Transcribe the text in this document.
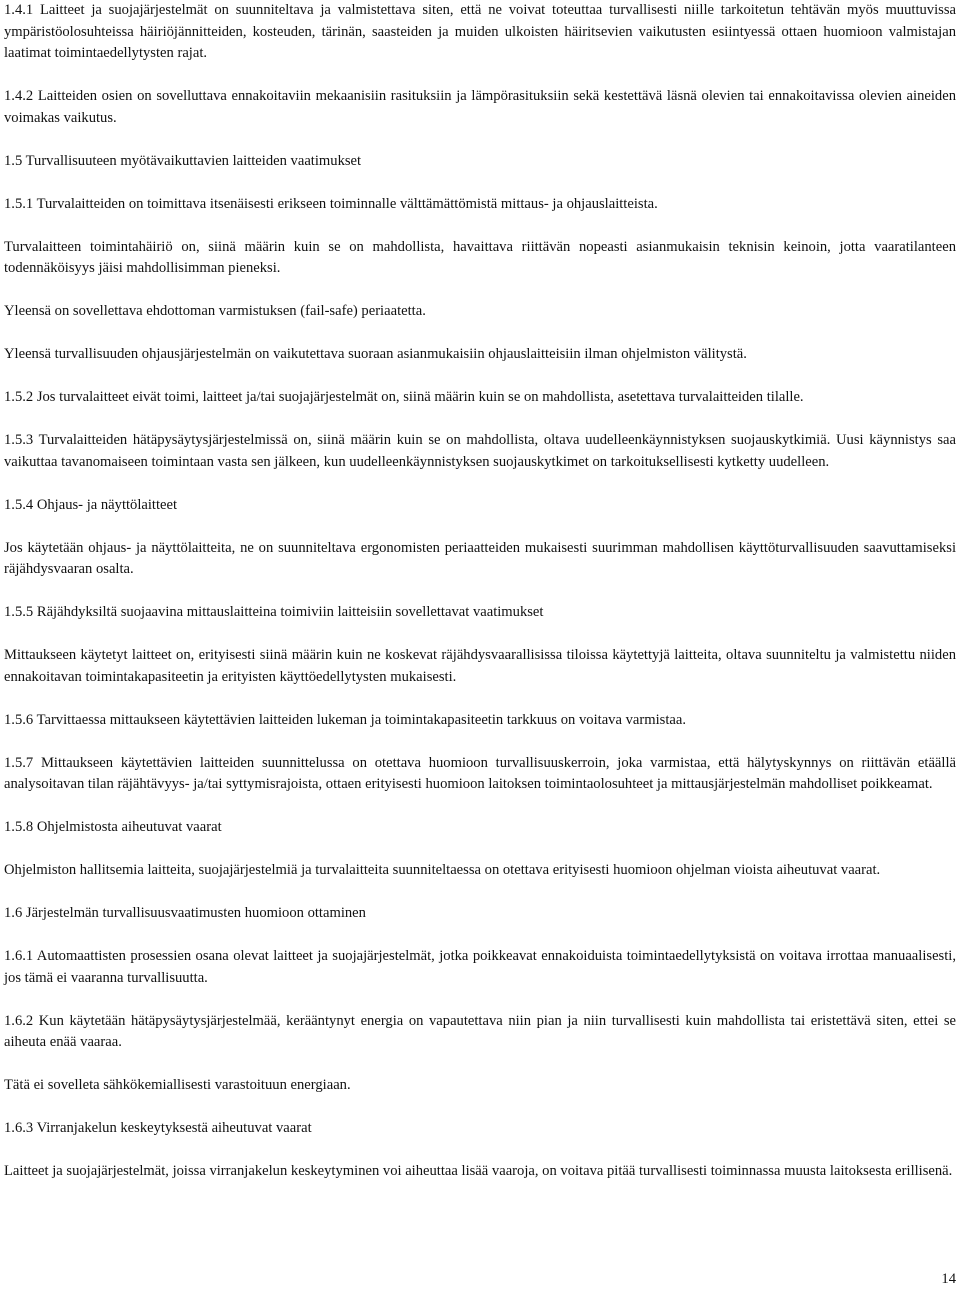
1.4.1 Laitteet ja suojajärjestelmät on suunniteltava ja valmistettava siten, että ne voivat toteuttaa turvallisesti niille tarkoitetun tehtävän myös muuttuvissa ympäristöolosuhteissa häiriöjännitteiden, kosteuden, tärinän, saasteiden ja muiden ulkoisten häiritsevien vaikutusten esiintyessä ottaen huomioon valmistajan laatimat toimintaedellytysten rajat.

1.4.2 Laitteiden osien on sovelluttava ennakoitaviin mekaanisiin rasituksiin ja lämpörasituksiin sekä kestettävä läsnä olevien tai ennakoitavissa olevien aineiden voimakas vaikutus.

1.5 Turvallisuuteen myötävaikuttavien laitteiden vaatimukset

1.5.1 Turvalaitteiden on toimittava itsenäisesti erikseen toiminnalle välttämättömistä mittaus- ja ohjauslaitteista.

Turvalaitteen toimintahäiriö on, siinä määrin kuin se on mahdollista, havaittava riittävän nopeasti asianmukaisin teknisin keinoin, jotta vaaratilanteen todennäköisyys jäisi mahdollisimman pieneksi.

Yleensä on sovellettava ehdottoman varmistuksen (fail-safe) periaatetta.

Yleensä turvallisuuden ohjausjärjestelmän on vaikutettava suoraan asianmukaisiin ohjauslaitteisiin ilman ohjelmiston välitystä.

1.5.2 Jos turvalaitteet eivät toimi, laitteet ja/tai suojajärjestelmät on, siinä määrin kuin se on mahdollista, asetettava turvalaitteiden tilalle.

1.5.3 Turvalaitteiden hätäpysäytysjärjestelmissä on, siinä määrin kuin se on mahdollista, oltava uudelleenkäynnistyksen suojauskytkimiä. Uusi käynnistys saa vaikuttaa tavanomaiseen toimintaan vasta sen jälkeen, kun uudelleenkäynnistyksen suojauskytkimet on tarkoituksellisesti kytketty uudelleen.

1.5.4 Ohjaus- ja näyttölaitteet

Jos käytetään ohjaus- ja näyttölaitteita, ne on suunniteltava ergonomisten periaatteiden mukaisesti suurimman mahdollisen käyttöturvallisuuden saavuttamiseksi räjähdysvaaran osalta.

1.5.5 Räjähdyksiltä suojaavina mittauslaitteina toimiviin laitteisiin sovellettavat vaatimukset

Mittaukseen käytetyt laitteet on, erityisesti siinä määrin kuin ne koskevat räjähdysvaarallisissa tiloissa käytettyjä laitteita, oltava suunniteltu ja valmistettu niiden ennakoitavan toimintakapasiteetin ja erityisten käyttöedellytysten mukaisesti.

1.5.6 Tarvittaessa mittaukseen käytettävien laitteiden lukeman ja toimintakapasiteetin tarkkuus on voitava varmistaa.

1.5.7 Mittaukseen käytettävien laitteiden suunnittelussa on otettava huomioon turvallisuuskerroin, joka varmistaa, että hälytyskynnys on riittävän etäällä analysoitavan tilan räjähtävyys- ja/tai syttymisrajoista, ottaen erityisesti huomioon laitoksen toimintaolosuhteet ja mittausjärjestelmän mahdolliset poikkeamat.

1.5.8 Ohjelmistosta aiheutuvat vaarat

Ohjelmiston hallitsemia laitteita, suojajärjestelmiä ja turvalaitteita suunniteltaessa on otettava erityisesti huomioon ohjelman vioista aiheutuvat vaarat.

1.6 Järjestelmän turvallisuusvaatimusten huomioon ottaminen

1.6.1 Automaattisten prosessien osana olevat laitteet ja suojajärjestelmät, jotka poikkeavat ennakoiduista toimintaedellytyksistä on voitava irrottaa manuaalisesti, jos tämä ei vaaranna turvallisuutta.

1.6.2 Kun käytetään hätäpysäytysjärjestelmää, kerääntynyt energia on vapautettava niin pian ja niin turvallisesti kuin mahdollista tai eristettävä siten, ettei se aiheuta enää vaaraa.

Tätä ei sovelleta sähkökemiallisesti varastoituun energiaan.

1.6.3 Virranjakelun keskeytyksestä aiheutuvat vaarat

Laitteet ja suojajärjestelmät, joissa virranjakelun keskeytyminen voi aiheuttaa lisää vaaroja, on voitava pitää turvallisesti toiminnassa muusta laitoksesta erillisenä.

14
